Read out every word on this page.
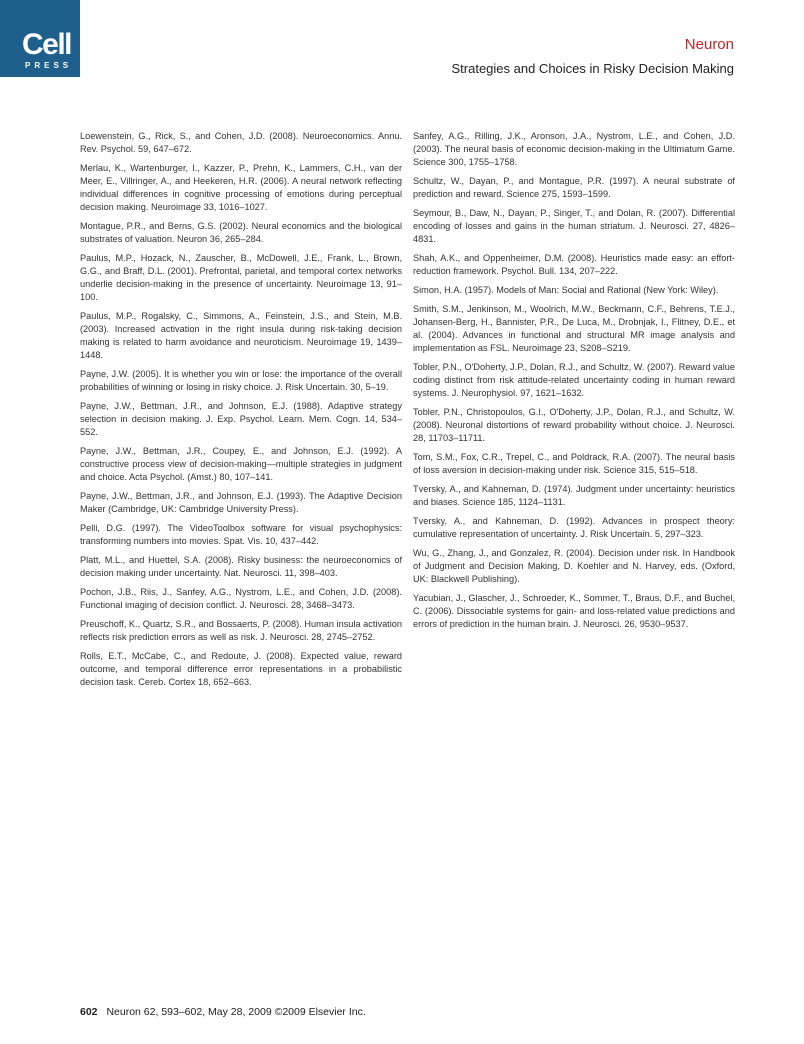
Cell
PRESS
Neuron
Strategies and Choices in Risky Decision Making

Loewenstein, G., Rick, S., and Cohen, J.D. (2008). Neuroeconomics. Annu. Rev. Psychol. 59, 647–672.

Merlau, K., Wartenburger, I., Kazzer, P., Prehn, K., Lammers, C.H., van der Meer, E., Villringer, A., and Heekeren, H.R. (2006). A neural network reflecting individual differences in cognitive processing of emotions during perceptual decision making. Neuroimage 33, 1016–1027.

Montague, P.R., and Berns, G.S. (2002). Neural economics and the biological substrates of valuation. Neuron 36, 265–284.

Paulus, M.P., Hozack, N., Zauscher, B., McDowell, J.E., Frank, L., Brown, G.G., and Braff, D.L. (2001). Prefrontal, parietal, and temporal cortex networks underlie decision-making in the presence of uncertainty. Neuroimage 13, 91–100.

Paulus, M.P., Rogalsky, C., Simmons, A., Feinstein, J.S., and Stein, M.B. (2003). Increased activation in the right insula during risk-taking decision making is related to harm avoidance and neuroticism. Neuroimage 19, 1439–1448.

Payne, J.W. (2005). It is whether you win or lose: the importance of the overall probabilities of winning or losing in risky choice. J. Risk Uncertain. 30, 5–19.

Payne, J.W., Bettman, J.R., and Johnson, E.J. (1988). Adaptive strategy selection in decision making. J. Exp. Psychol. Learn. Mem. Cogn. 14, 534–552.

Payne, J.W., Bettman, J.R., Coupey, E., and Johnson, E.J. (1992). A constructive process view of decision-making—multiple strategies in judgment and choice. Acta Psychol. (Amst.) 80, 107–141.

Payne, J.W., Bettman, J.R., and Johnson, E.J. (1993). The Adaptive Decision Maker (Cambridge, UK: Cambridge University Press).

Pelli, D.G. (1997). The VideoToolbox software for visual psychophysics: transforming numbers into movies. Spat. Vis. 10, 437–442.

Platt, M.L., and Huettel, S.A. (2008). Risky business: the neuroeconomics of decision making under uncertainty. Nat. Neurosci. 11, 398–403.

Pochon, J.B., Riis, J., Sanfey, A.G., Nystrom, L.E., and Cohen, J.D. (2008). Functional imaging of decision conflict. J. Neurosci. 28, 3468–3473.

Preuschoff, K., Quartz, S.R., and Bossaerts, P. (2008). Human insula activation reflects risk prediction errors as well as risk. J. Neurosci. 28, 2745–2752.

Rolls, E.T., McCabe, C., and Redoute, J. (2008). Expected value, reward outcome, and temporal difference error representations in a probabilistic decision task. Cereb. Cortex 18, 652–663.

Sanfey, A.G., Rilling, J.K., Aronson, J.A., Nystrom, L.E., and Cohen, J.D. (2003). The neural basis of economic decision-making in the Ultimatum Game. Science 300, 1755–1758.

Schultz, W., Dayan, P., and Montague, P.R. (1997). A neural substrate of prediction and reward. Science 275, 1593–1599.

Seymour, B., Daw, N., Dayan, P., Singer, T., and Dolan, R. (2007). Differential encoding of losses and gains in the human striatum. J. Neurosci. 27, 4826–4831.

Shah, A.K., and Oppenheimer, D.M. (2008). Heuristics made easy: an effort-reduction framework. Psychol. Bull. 134, 207–222.

Simon, H.A. (1957). Models of Man: Social and Rational (New York: Wiley).

Smith, S.M., Jenkinson, M., Woolrich, M.W., Beckmann, C.F., Behrens, T.E.J., Johansen-Berg, H., Bannister, P.R., De Luca, M., Drobnjak, I., Flitney, D.E., et al. (2004). Advances in functional and structural MR image analysis and implementation as FSL. Neuroimage 23, S208–S219.

Tobler, P.N., O'Doherty, J.P., Dolan, R.J., and Schultz, W. (2007). Reward value coding distinct from risk attitude-related uncertainty coding in human reward systems. J. Neurophysiol. 97, 1621–1632.

Tobler, P.N., Christopoulos, G.I., O'Doherty, J.P., Dolan, R.J., and Schultz, W. (2008). Neuronal distortions of reward probability without choice. J. Neurosci. 28, 11703–11711.

Tom, S.M., Fox, C.R., Trepel, C., and Poldrack, R.A. (2007). The neural basis of loss aversion in decision-making under risk. Science 315, 515–518.

Tversky, A., and Kahneman, D. (1974). Judgment under uncertainty: heuristics and biases. Science 185, 1124–1131.

Tversky, A., and Kahneman, D. (1992). Advances in prospect theory: cumulative representation of uncertainty. J. Risk Uncertain. 5, 297–323.

Wu, G., Zhang, J., and Gonzalez, R. (2004). Decision under risk. In Handbook of Judgment and Decision Making, D. Koehler and N. Harvey, eds. (Oxford, UK: Blackwell Publishing).

Yacubian, J., Glascher, J., Schroeder, K., Sommer, T., Braus, D.F., and Buchel, C. (2006). Dissociable systems for gain- and loss-related value predictions and errors of prediction in the human brain. J. Neurosci. 26, 9530–9537.

602 Neuron 62, 593–602, May 28, 2009 ©2009 Elsevier Inc.
